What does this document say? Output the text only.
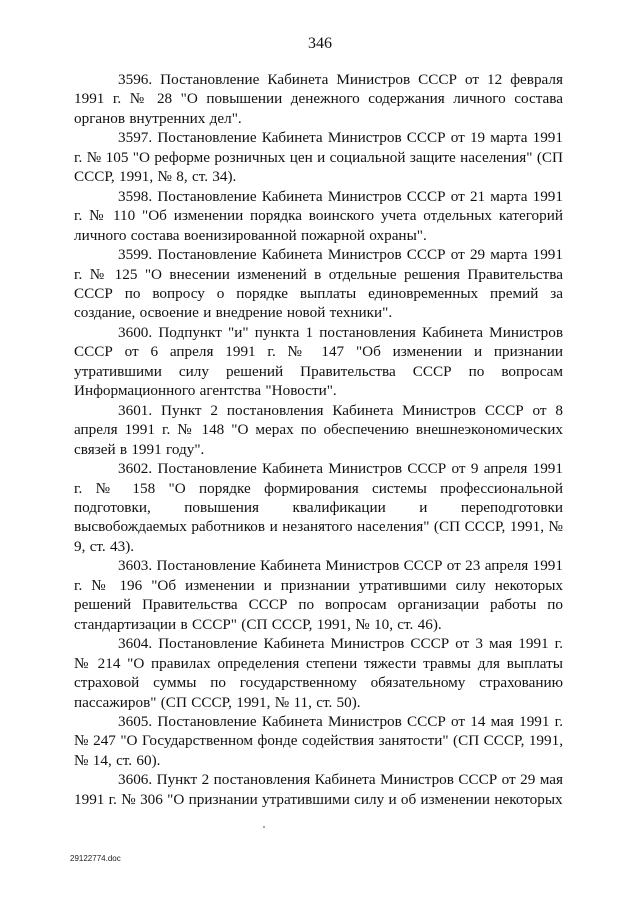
346

3596. Постановление Кабинета Министров СССР от 12 февраля 1991 г. № 28 "О повышении денежного содержания личного состава органов внутренних дел".

3597. Постановление Кабинета Министров СССР от 19 марта 1991 г. № 105 "О реформе розничных цен и социальной защите населения" (СП СССР, 1991, № 8, ст. 34).

3598. Постановление Кабинета Министров СССР от 21 марта 1991 г. № 110 "Об изменении порядка воинского учета отдельных категорий личного состава военизированной пожарной охраны".

3599. Постановление Кабинета Министров СССР от 29 марта 1991 г. № 125 "О внесении изменений в отдельные решения Правительства СССР по вопросу о порядке выплаты единовременных премий за создание, освоение и внедрение новой техники".

3600. Подпункт "и" пункта 1 постановления Кабинета Министров СССР от 6 апреля 1991 г. № 147 "Об изменении и признании утратившими силу решений Правительства СССР по вопросам Информационного агентства "Новости".

3601. Пункт 2 постановления Кабинета Министров СССР от 8 апреля 1991 г. № 148 "О мерах по обеспечению внешнеэкономических связей в 1991 году".

3602. Постановление Кабинета Министров СССР от 9 апреля 1991 г. № 158 "О порядке формирования системы профессиональной подготовки, повышения квалификации и переподготовки высвобождаемых работников и незанятого населения" (СП СССР, 1991, № 9, ст. 43).

3603. Постановление Кабинета Министров СССР от 23 апреля 1991 г. № 196 "Об изменении и признании утратившими силу некоторых решений Правительства СССР по вопросам организации работы по стандартизации в СССР" (СП СССР, 1991, № 10, ст. 46).

3604. Постановление Кабинета Министров СССР от 3 мая 1991 г. № 214 "О правилах определения степени тяжести травмы для выплаты страховой суммы по государственному обязательному страхованию пассажиров" (СП СССР, 1991, № 11, ст. 50).

3605. Постановление Кабинета Министров СССР от 14 мая 1991 г. № 247 "О Государственном фонде содействия занятости" (СП СССР, 1991, № 14, ст. 60).

3606. Пункт 2 постановления Кабинета Министров СССР от 29 мая 1991 г. № 306 "О признании утратившими силу и об изменении некоторых

29122774.doc
